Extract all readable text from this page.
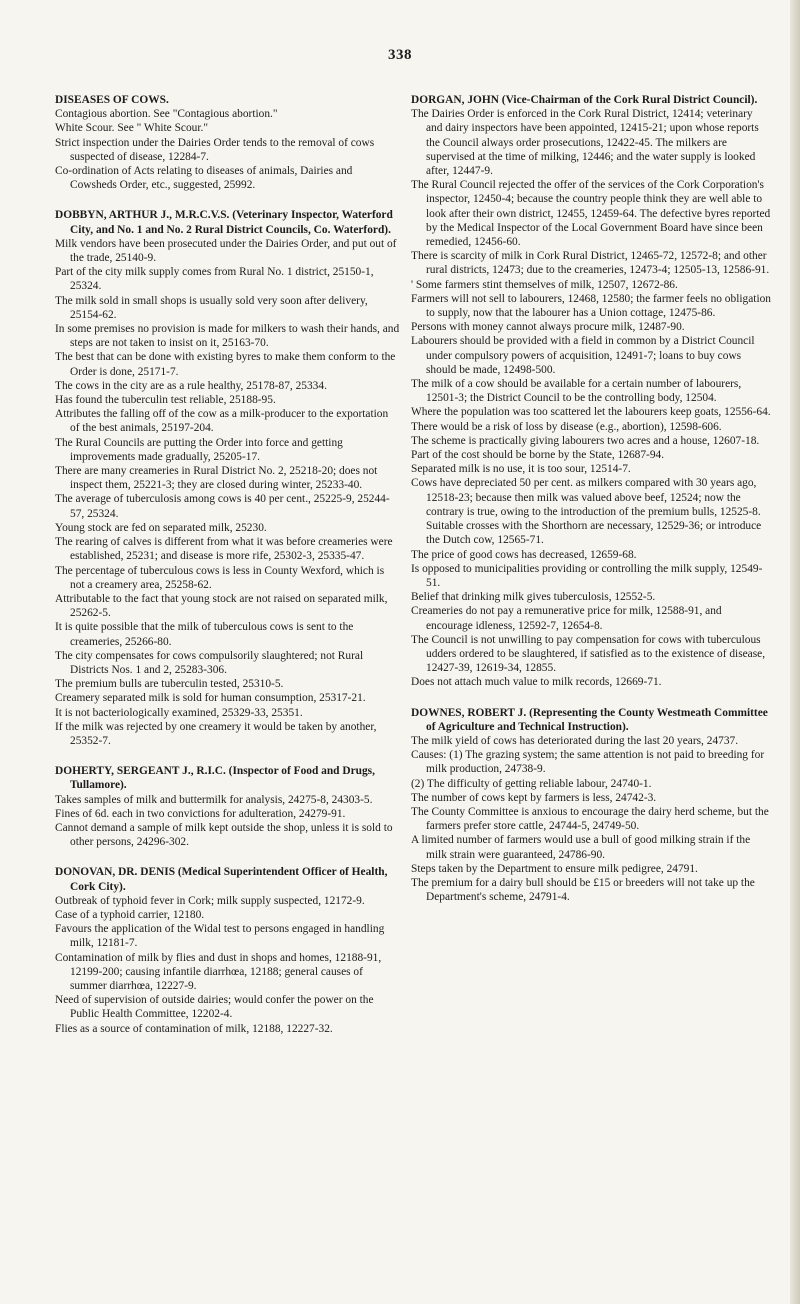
338
DISEASES OF COWS.
Contagious abortion. See "Contagious abortion."
White Scour. See " White Scour."
Strict inspection under the Dairies Order tends to the removal of cows suspected of disease, 12284-7.
Co-ordination of Acts relating to diseases of animals, Dairies and Cowsheds Order, etc., suggested, 25992.
DOBBYN, ARTHUR J., M.R.C.V.S. (Veterinary Inspector, Waterford City, and No. 1 and No. 2 Rural District Councils, Co. Waterford).
Milk vendors have been prosecuted under the Dairies Order, and put out of the trade, 25140-9.
Part of the city milk supply comes from Rural No. 1 district, 25150-1, 25324.
The milk sold in small shops is usually sold very soon after delivery, 25154-62.
In some premises no provision is made for milkers to wash their hands, and steps are not taken to insist on it, 25163-70.
The best that can be done with existing byres to make them conform to the Order is done, 25171-7.
The cows in the city are as a rule healthy, 25178-87, 25334.
Has found the tuberculin test reliable, 25188-95.
Attributes the falling off of the cow as a milk-producer to the exportation of the best animals, 25197-204.
The Rural Councils are putting the Order into force and getting improvements made gradually, 25205-17.
There are many creameries in Rural District No. 2, 25218-20; does not inspect them, 25221-3; they are closed during winter, 25233-40.
The average of tuberculosis among cows is 40 per cent., 25225-9, 25244-57, 25324.
Young stock are fed on separated milk, 25230.
The rearing of calves is different from what it was before creameries were established, 25231; and disease is more rife, 25302-3, 25335-47.
The percentage of tuberculous cows is less in County Wexford, which is not a creamery area, 25258-62.
Attributable to the fact that young stock are not raised on separated milk, 25262-5.
It is quite possible that the milk of tuberculous cows is sent to the creameries, 25266-80.
The city compensates for cows compulsorily slaughtered; not Rural Districts Nos. 1 and 2, 25283-306.
The premium bulls are tuberculin tested, 25310-5.
Creamery separated milk is sold for human consumption, 25317-21.
It is not bacteriologically examined, 25329-33, 25351.
If the milk was rejected by one creamery it would be taken by another, 25352-7.
DOHERTY, SERGEANT J., R.I.C. (Inspector of Food and Drugs, Tullamore).
Takes samples of milk and buttermilk for analysis, 24275-8, 24303-5.
Fines of 6d. each in two convictions for adulteration, 24279-91.
Cannot demand a sample of milk kept outside the shop, unless it is sold to other persons, 24296-302.
DONOVAN, DR. DENIS (Medical Superintendent Officer of Health, Cork City).
Outbreak of typhoid fever in Cork; milk supply suspected, 12172-9.
Case of a typhoid carrier, 12180.
Favours the application of the Widal test to persons engaged in handling milk, 12181-7.
Contamination of milk by flies and dust in shops and homes, 12188-91, 12199-200; causing infantile diarrhœa, 12188; general causes of summer diarrhœa, 12227-9.
Need of supervision of outside dairies; would confer the power on the Public Health Committee, 12202-4.
Flies as a source of contamination of milk, 12188, 12227-32.
DORGAN, JOHN (Vice-Chairman of the Cork Rural District Council).
The Dairies Order is enforced in the Cork Rural District, 12414; veterinary and dairy inspectors have been appointed, 12415-21; upon whose reports the Council always order prosecutions, 12422-45. The milkers are supervised at the time of milking, 12446; and the water supply is looked after, 12447-9.
The Rural Council rejected the offer of the services of the Cork Corporation's inspector, 12450-4; because the country people think they are well able to look after their own district, 12455, 12459-64. The defective byres reported by the Medical Inspector of the Local Government Board have since been remedied, 12456-60.
There is scarcity of milk in Cork Rural District, 12465-72, 12572-8; and other rural districts, 12473; due to the creameries, 12473-4; 12505-13, 12586-91.
' Some farmers stint themselves of milk, 12507, 12672-86.
Farmers will not sell to labourers, 12468, 12580; the farmer feels no obligation to supply, now that the labourer has a Union cottage, 12475-86.
Persons with money cannot always procure milk, 12487-90.
Labourers should be provided with a field in common by a District Council under compulsory powers of acquisition, 12491-7; loans to buy cows should be made, 12498-500.
The milk of a cow should be available for a certain number of labourers, 12501-3; the District Council to be the controlling body, 12504.
Where the population was too scattered let the labourers keep goats, 12556-64.
There would be a risk of loss by disease (e.g., abortion), 12598-606.
The scheme is practically giving labourers two acres and a house, 12607-18.
Part of the cost should be borne by the State, 12687-94.
Separated milk is no use, it is too sour, 12514-7.
Cows have depreciated 50 per cent. as milkers compared with 30 years ago, 12518-23; because then milk was valued above beef, 12524; now the contrary is true, owing to the introduction of the premium bulls, 12525-8. Suitable crosses with the Shorthorn are necessary, 12529-36; or introduce the Dutch cow, 12565-71.
The price of good cows has decreased, 12659-68.
Is opposed to municipalities providing or controlling the milk supply, 12549-51.
Belief that drinking milk gives tuberculosis, 12552-5.
Creameries do not pay a remunerative price for milk, 12588-91, and encourage idleness, 12592-7, 12654-8.
The Council is not unwilling to pay compensation for cows with tuberculous udders ordered to be slaughtered, if satisfied as to the existence of disease, 12427-39, 12619-34, 12855.
Does not attach much value to milk records, 12669-71.
DOWNES, ROBERT J. (Representing the County Westmeath Committee of Agriculture and Technical Instruction).
The milk yield of cows has deteriorated during the last 20 years, 24737.
Causes: (1) The grazing system; the same attention is not paid to breeding for milk production, 24738-9.
(2) The difficulty of getting reliable labour, 24740-1.
The number of cows kept by farmers is less, 24742-3.
The County Committee is anxious to encourage the dairy herd scheme, but the farmers prefer store cattle, 24744-5, 24749-50.
A limited number of farmers would use a bull of good milking strain if the milk strain were guaranteed, 24786-90.
Steps taken by the Department to ensure milk pedigree, 24791.
The premium for a dairy bull should be £15 or breeders will not take up the Department's scheme, 24791-4.
